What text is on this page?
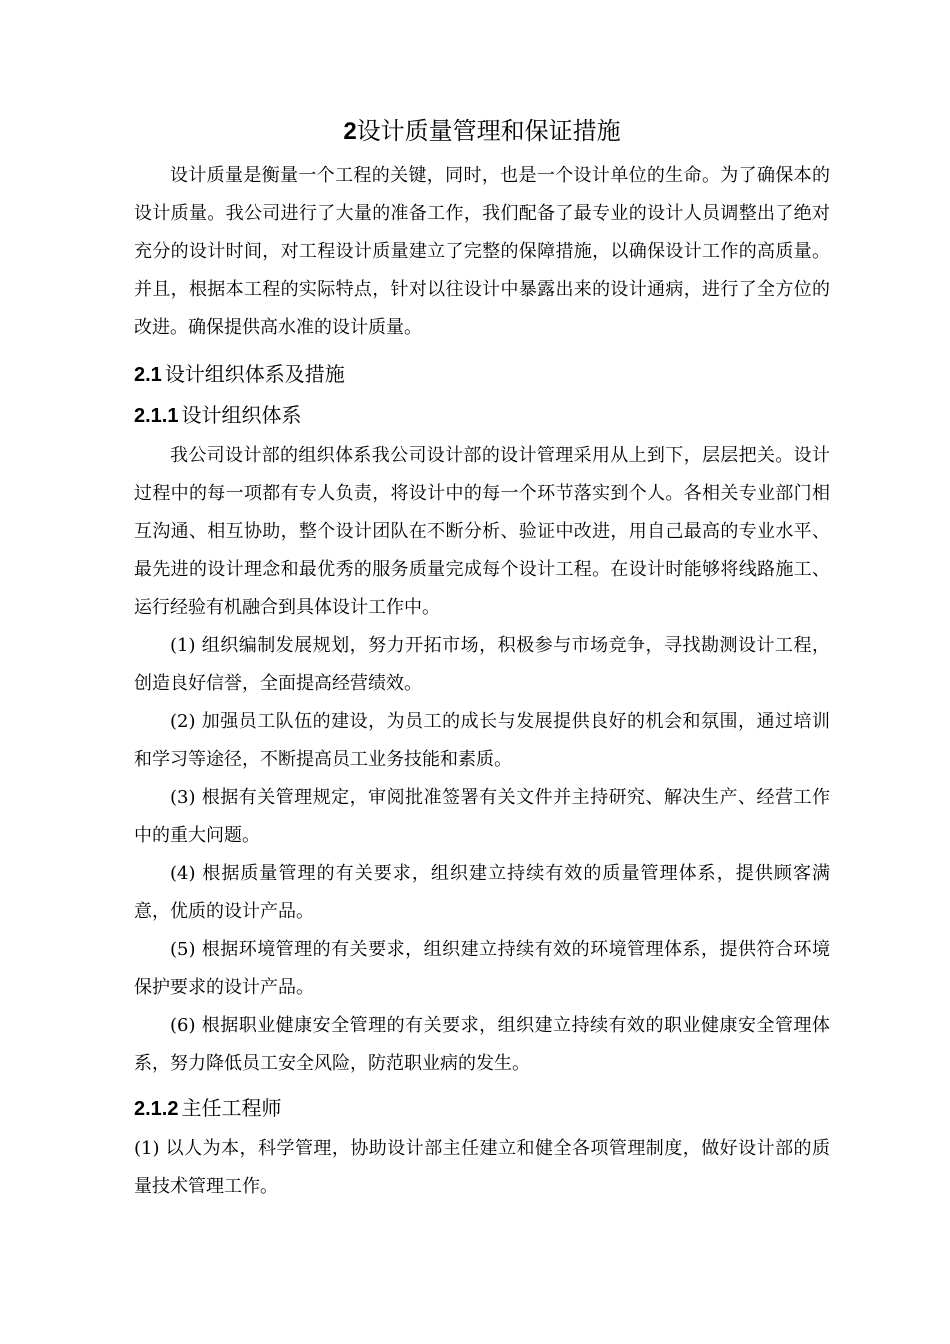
2设计质量管理和保证措施

设计质量是衡量一个工程的关键，同时，也是一个设计单位的生命。为了确保本的设计质量。我公司进行了大量的准备工作，我们配备了最专业的设计人员调整出了绝对充分的设计时间，对工程设计质量建立了完整的保障措施，以确保设计工作的高质量。并且，根据本工程的实际特点，针对以往设计中暴露出来的设计通病，进行了全方位的改进。确保提供高水准的设计质量。

2.1 设计组织体系及措施
2.1.1 设计组织体系

我公司设计部的组织体系我公司设计部的设计管理采用从上到下，层层把关。设计过程中的每一项都有专人负责，将设计中的每一个环节落实到个人。各相关专业部门相互沟通、相互协助，整个设计团队在不断分析、验证中改进，用自己最高的专业水平、最先进的设计理念和最优秀的服务质量完成每个设计工程。在设计时能够将线路施工、运行经验有机融合到具体设计工作中。

(1) 组织编制发展规划，努力开拓市场，积极参与市场竞争，寻找勘测设计工程，创造良好信誉，全面提高经营绩效。

(2) 加强员工队伍的建设，为员工的成长与发展提供良好的机会和氛围，通过培训和学习等途径，不断提高员工业务技能和素质。

(3) 根据有关管理规定，审阅批准签署有关文件并主持研究、解决生产、经营工作中的重大问题。

(4) 根据质量管理的有关要求，组织建立持续有效的质量管理体系，提供顾客满意，优质的设计产品。

(5) 根据环境管理的有关要求，组织建立持续有效的环境管理体系，提供符合环境保护要求的设计产品。

(6) 根据职业健康安全管理的有关要求，组织建立持续有效的职业健康安全管理体系，努力降低员工安全风险，防范职业病的发生。

2.1.2 主任工程师

(1) 以人为本，科学管理，协助设计部主任建立和健全各项管理制度，做好设计部的质量技术管理工作。
